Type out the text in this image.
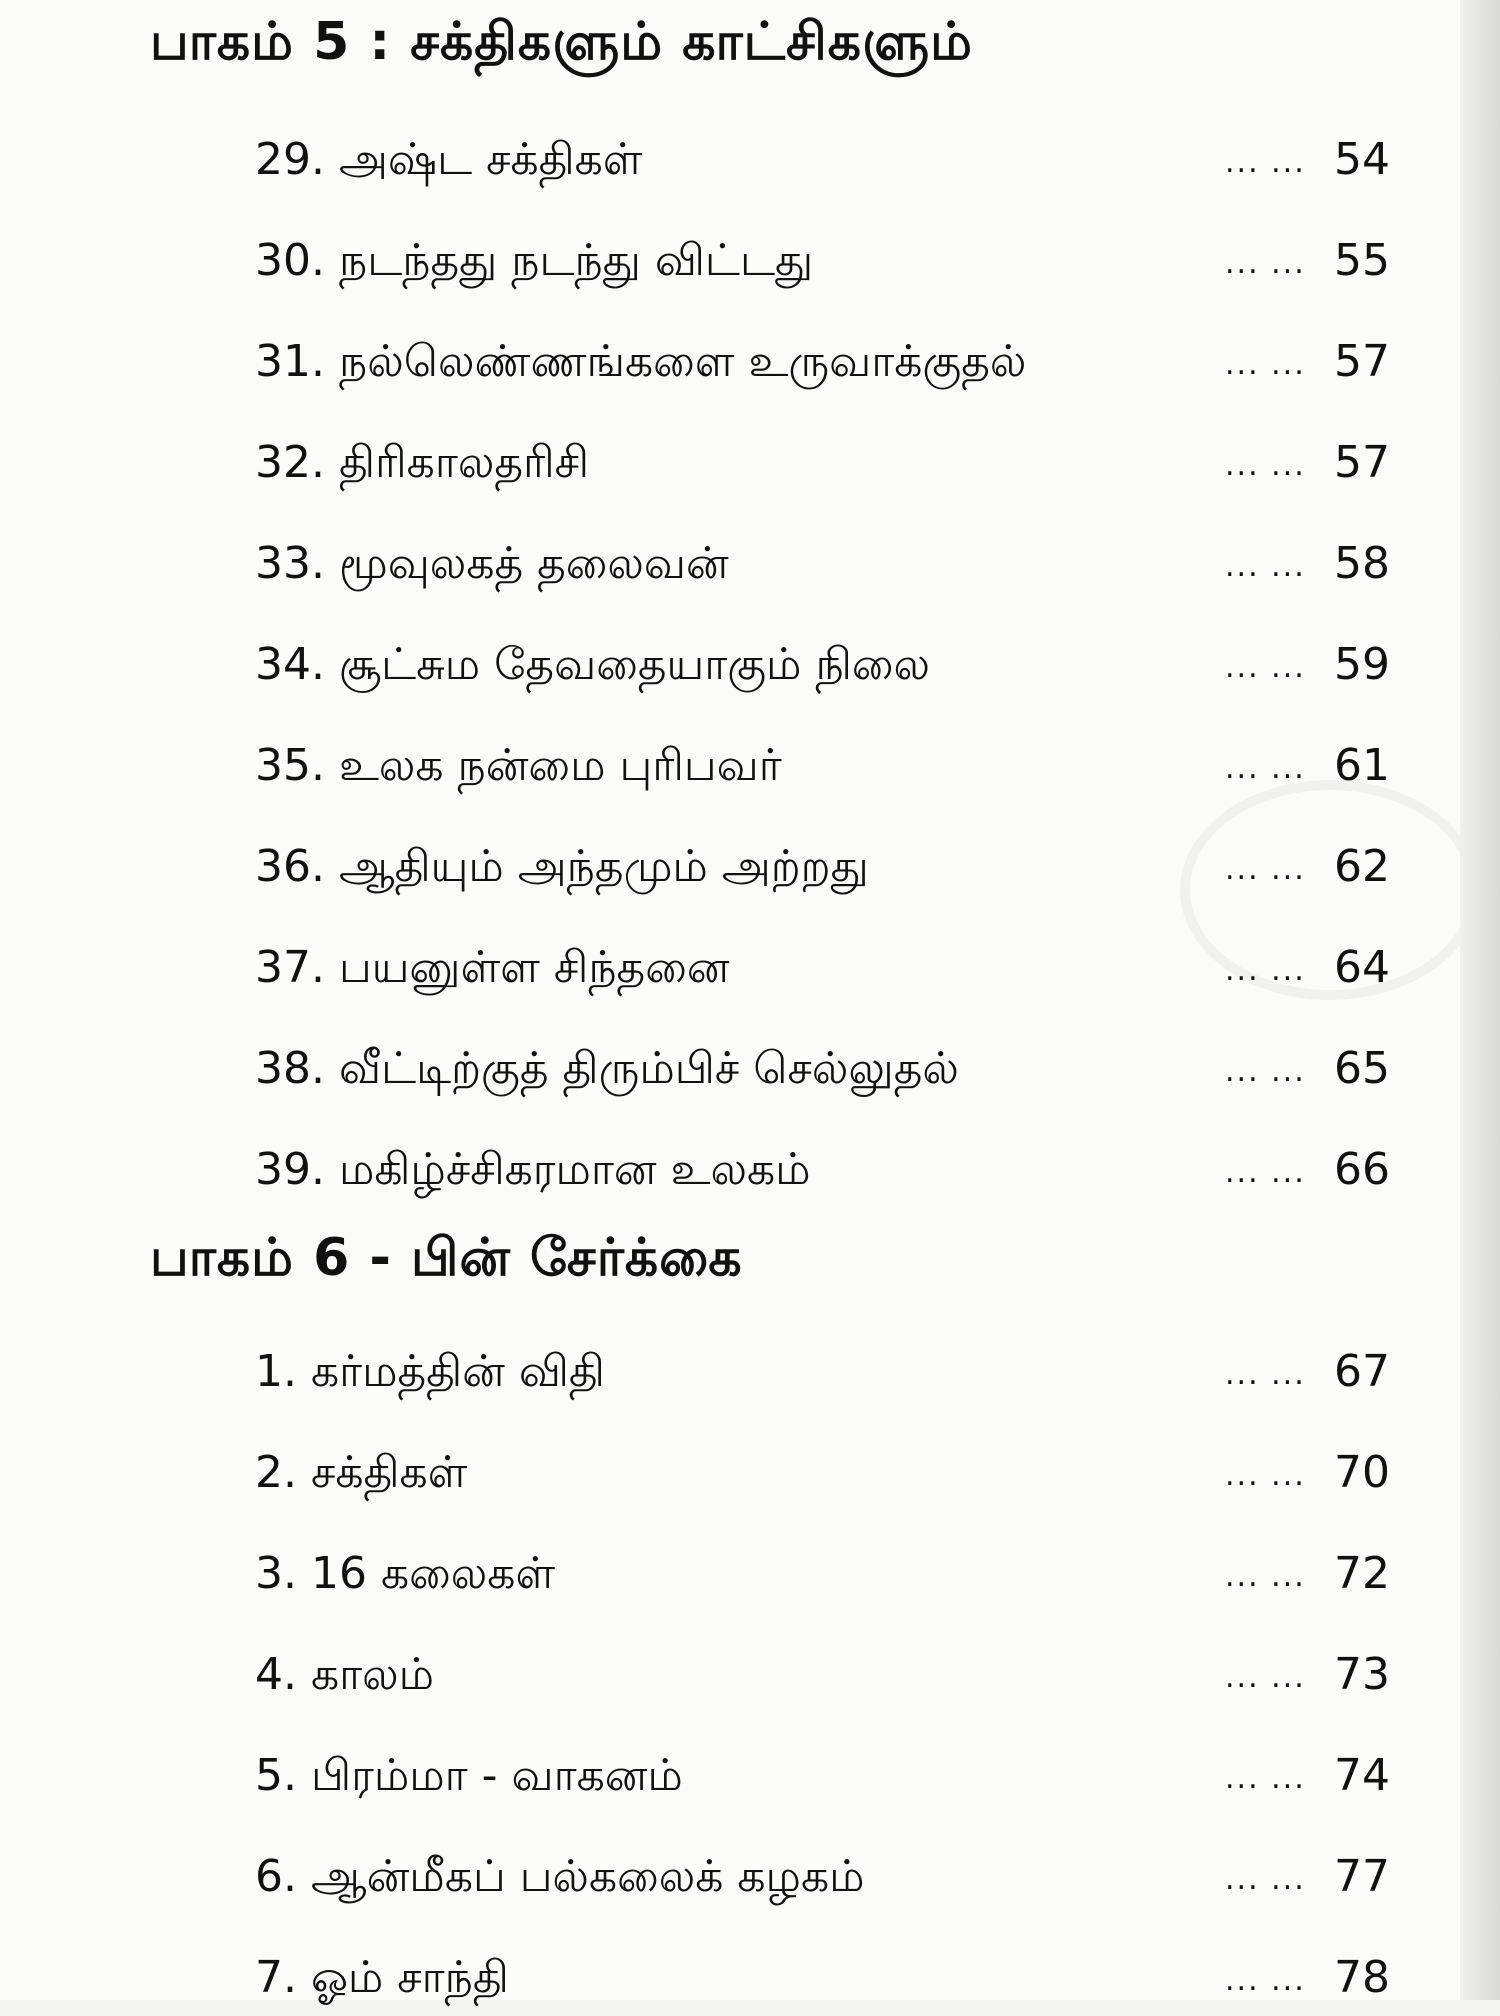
பாகம் 5 : சக்திகளும் காட்சிகளும்
29. அஷ்ட சக்திகள்	... ... 54
30. நடந்தது நடந்து விட்டது	... ... 55
31. நல்லெண்ணங்களை உருவாக்குதல்	... ... 57
32. திரிகாலதரிசி	... ... 57
33. மூவுலகத் தலைவன்	... ... 58
34. சூட்சும தேவதையாகும் நிலை	... ... 59
35. உலக நன்மை புரிபவர்	... ... 61
36. ஆதியும் அந்தமும் அற்றது	... ... 62
37. பயனுள்ள சிந்தனை	... ... 64
38. வீட்டிற்குத் திரும்பிச் செல்லுதல்	... ... 65
39. மகிழ்ச்சிகரமான உலகம்	... ... 66
பாகம் 6 - பின் சேர்க்கை
1. கர்மத்தின் விதி	... ... 67
2. சக்திகள்	... ... 70
3. 16 கலைகள்	... ... 72
4. காலம்	... ... 73
5. பிரம்மா - வாகனம்	... ... 74
6. ஆன்மீகப் பல்கலைக் கழகம்	... ... 77
7. ஓம் சாந்தி	... ... 78
